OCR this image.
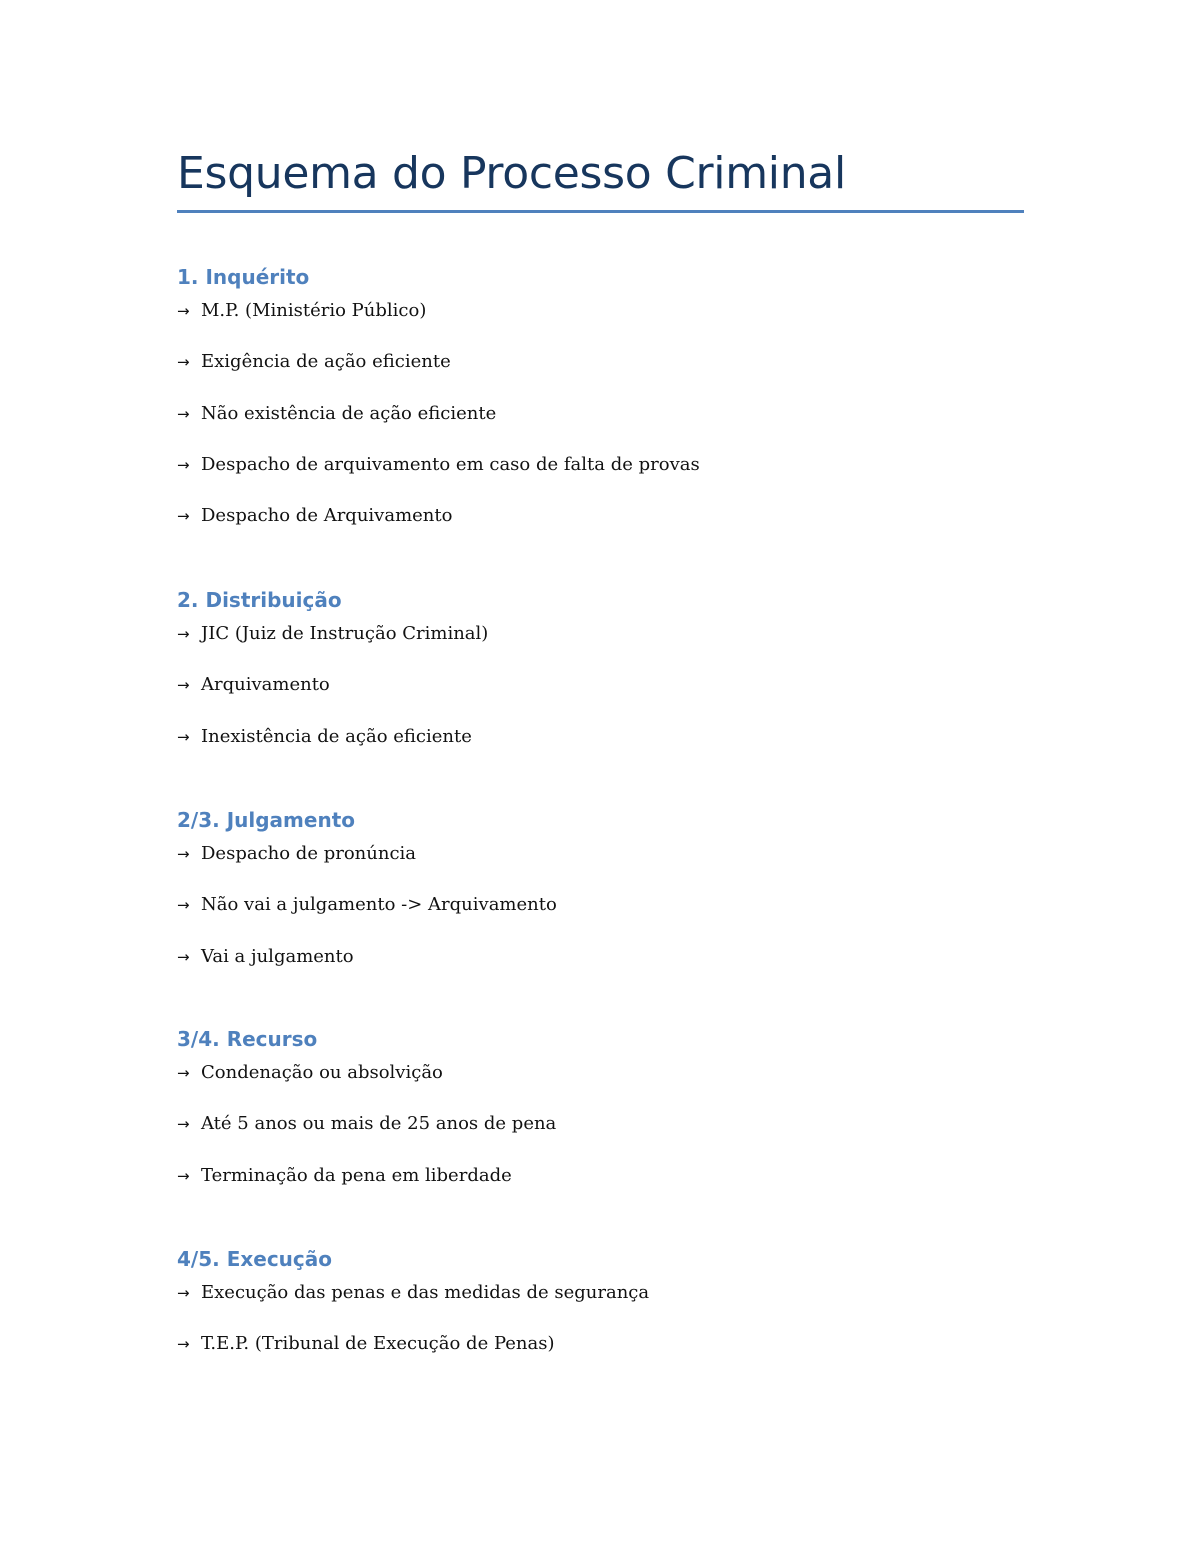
Esquema do Processo Criminal
1. Inquérito
→ M.P. (Ministério Público)
→ Exigência de ação eficiente
→ Não existência de ação eficiente
→ Despacho de arquivamento em caso de falta de provas
→ Despacho de Arquivamento
2. Distribuição
→ JIC (Juiz de Instrução Criminal)
→ Arquivamento
→ Inexistência de ação eficiente
2/3. Julgamento
→ Despacho de pronúncia
→ Não vai a julgamento -> Arquivamento
→ Vai a julgamento
3/4. Recurso
→ Condenação ou absolvição
→ Até 5 anos ou mais de 25 anos de pena
→ Terminação da pena em liberdade
4/5. Execução
→ Execução das penas e das medidas de segurança
→ T.E.P. (Tribunal de Execução de Penas)
